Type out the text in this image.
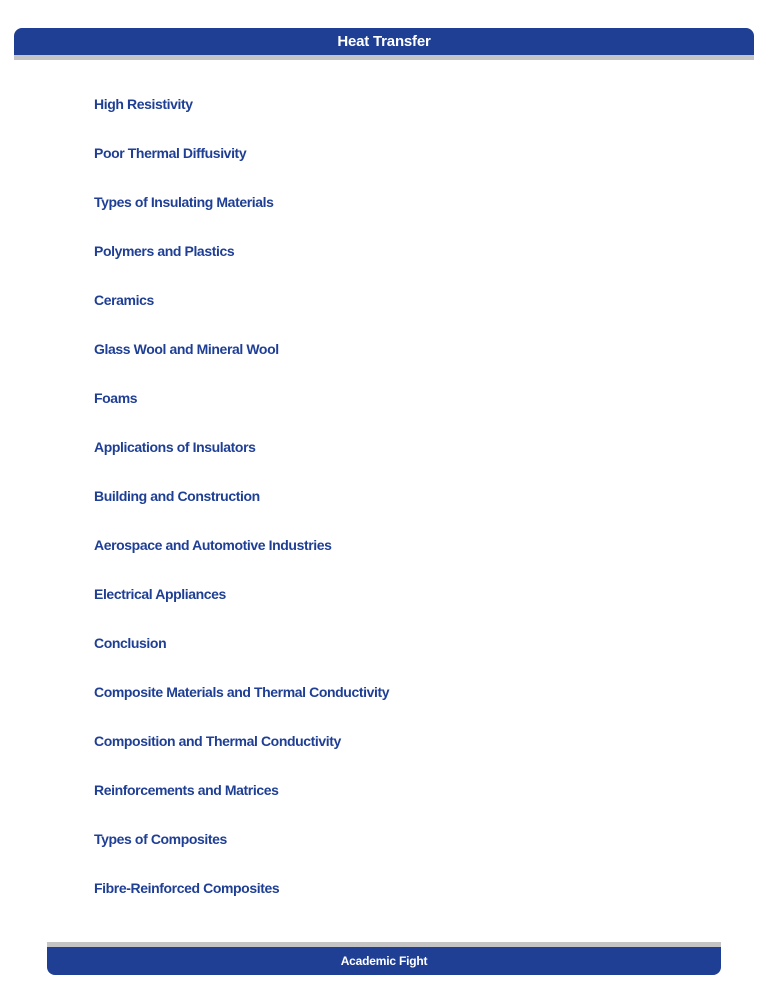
Heat Transfer
High Resistivity
Poor Thermal Diffusivity
Types of Insulating Materials
Polymers and Plastics
Ceramics
Glass Wool and Mineral Wool
Foams
Applications of Insulators
Building and Construction
Aerospace and Automotive Industries
Electrical Appliances
Conclusion
Composite Materials and Thermal Conductivity
Composition and Thermal Conductivity
Reinforcements and Matrices
Types of Composites
Fibre-Reinforced Composites
Academic Fight
